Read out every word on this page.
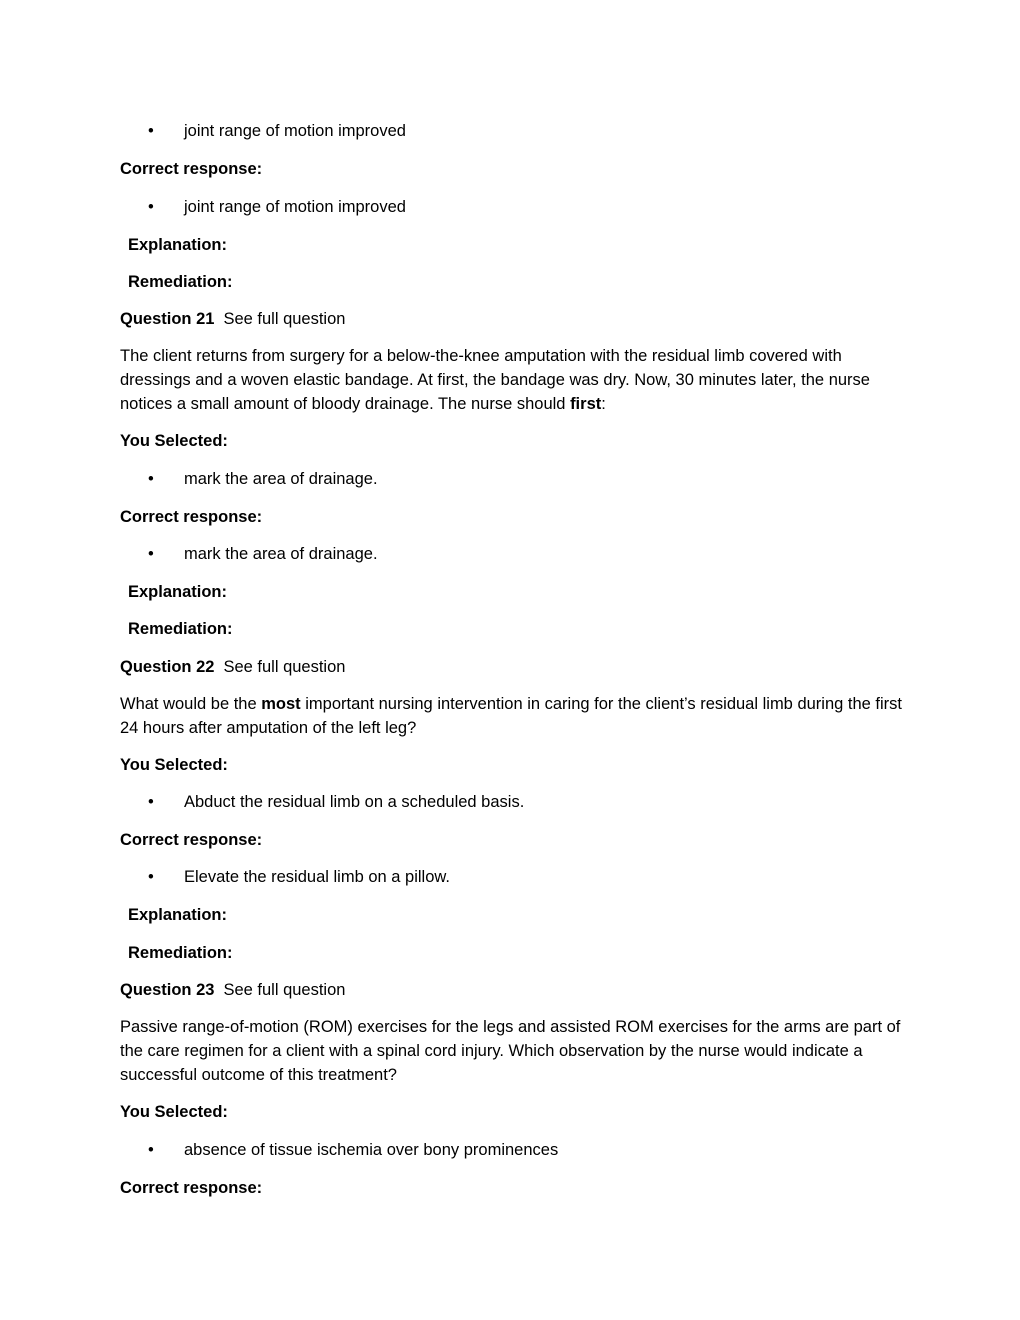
• joint range of motion improved
Correct response:
• joint range of motion improved
Explanation:
Remediation:
Question 21 See full question
The client returns from surgery for a below-the-knee amputation with the residual limb covered with dressings and a woven elastic bandage. At first, the bandage was dry. Now, 30 minutes later, the nurse notices a small amount of bloody drainage. The nurse should first:
You Selected:
• mark the area of drainage.
Correct response:
• mark the area of drainage.
Explanation:
Remediation:
Question 22 See full question
What would be the most important nursing intervention in caring for the client’s residual limb during the first 24 hours after amputation of the left leg?
You Selected:
• Abduct the residual limb on a scheduled basis.
Correct response:
• Elevate the residual limb on a pillow.
Explanation:
Remediation:
Question 23 See full question
Passive range-of-motion (ROM) exercises for the legs and assisted ROM exercises for the arms are part of the care regimen for a client with a spinal cord injury. Which observation by the nurse would indicate a successful outcome of this treatment?
You Selected:
• absence of tissue ischemia over bony prominences
Correct response:
